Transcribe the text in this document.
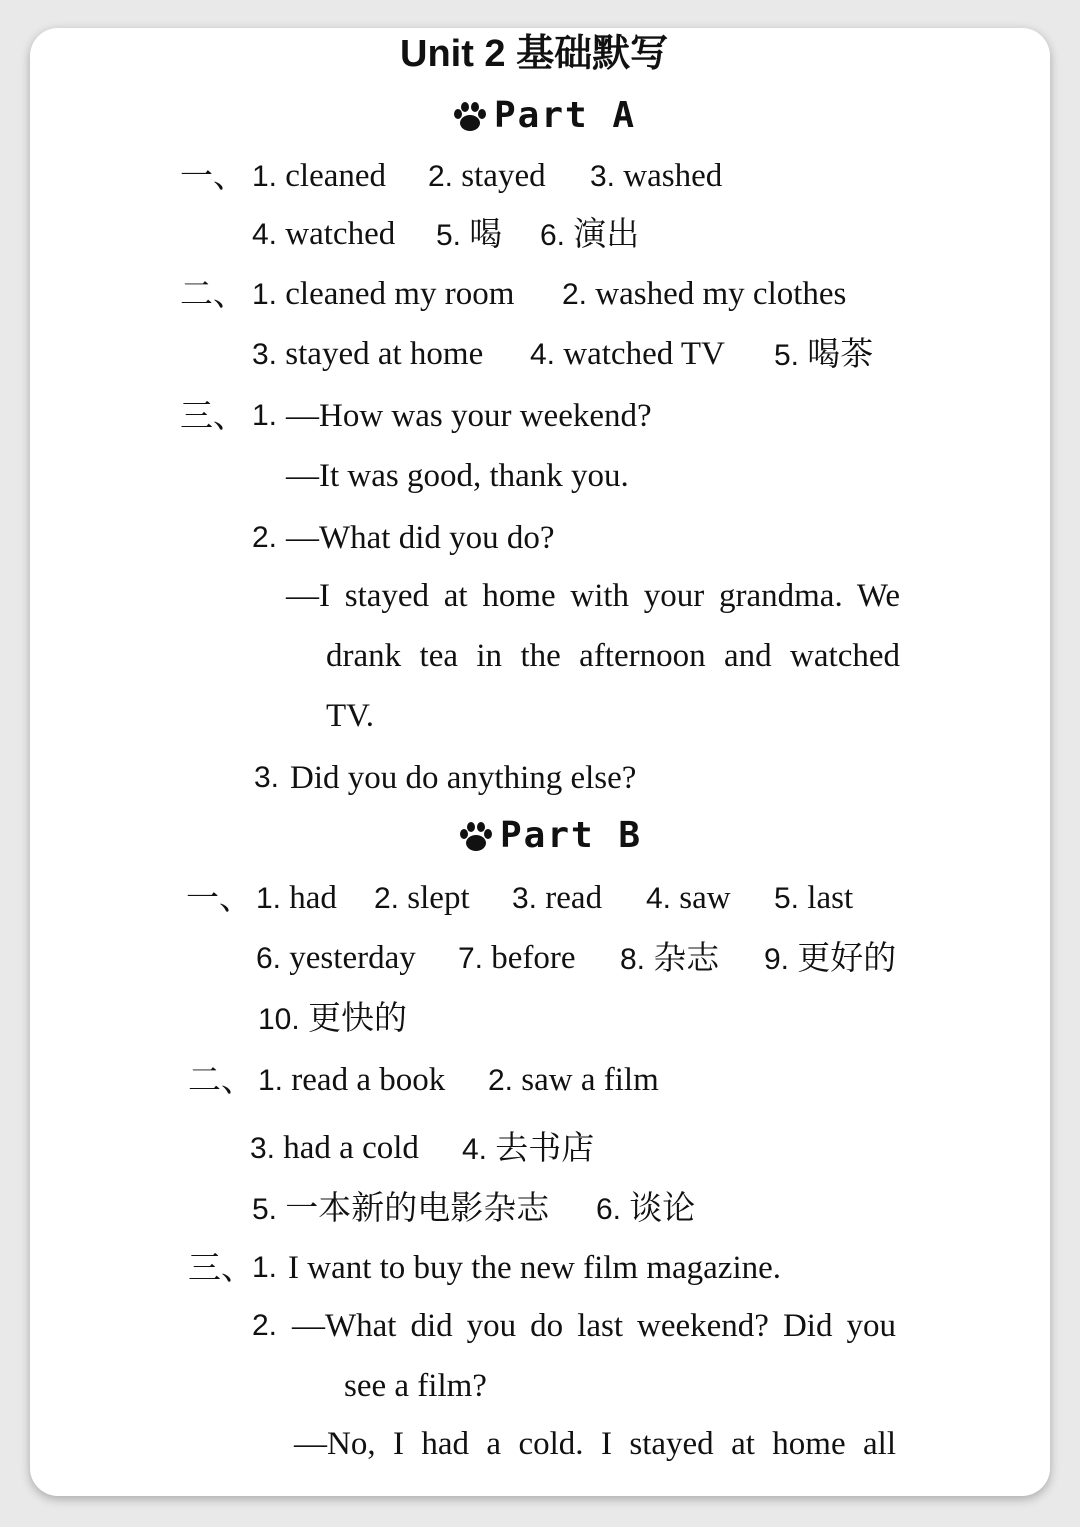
Unit 2 基础默写
Part A
一、 1. cleaned 2. stayed 3. washed
4. watched 5. 喝 6. 演出
二、 1. cleaned my room 2. washed my clothes
3. stayed at home 4. watched TV 5. 喝茶
三、 1. —How was your weekend?
—It was good, thank you.
2. —What did you do?
—I stayed at home with your grandma. We
drank tea in the afternoon and watched
TV.
3. Did you do anything else?
Part B
一、 1. had 2. slept 3. read 4. saw 5. last
6. yesterday 7. before 8. 杂志 9. 更好的
10. 更快的
二、 1. read a book 2. saw a film
3. had a cold 4. 去书店
5. 一本新的电影杂志 6. 谈论
三、
1. I want to buy the new film magazine.
2. —What did you do last weekend? Did you
see a film?
—No, I had a cold. I stayed at home all
